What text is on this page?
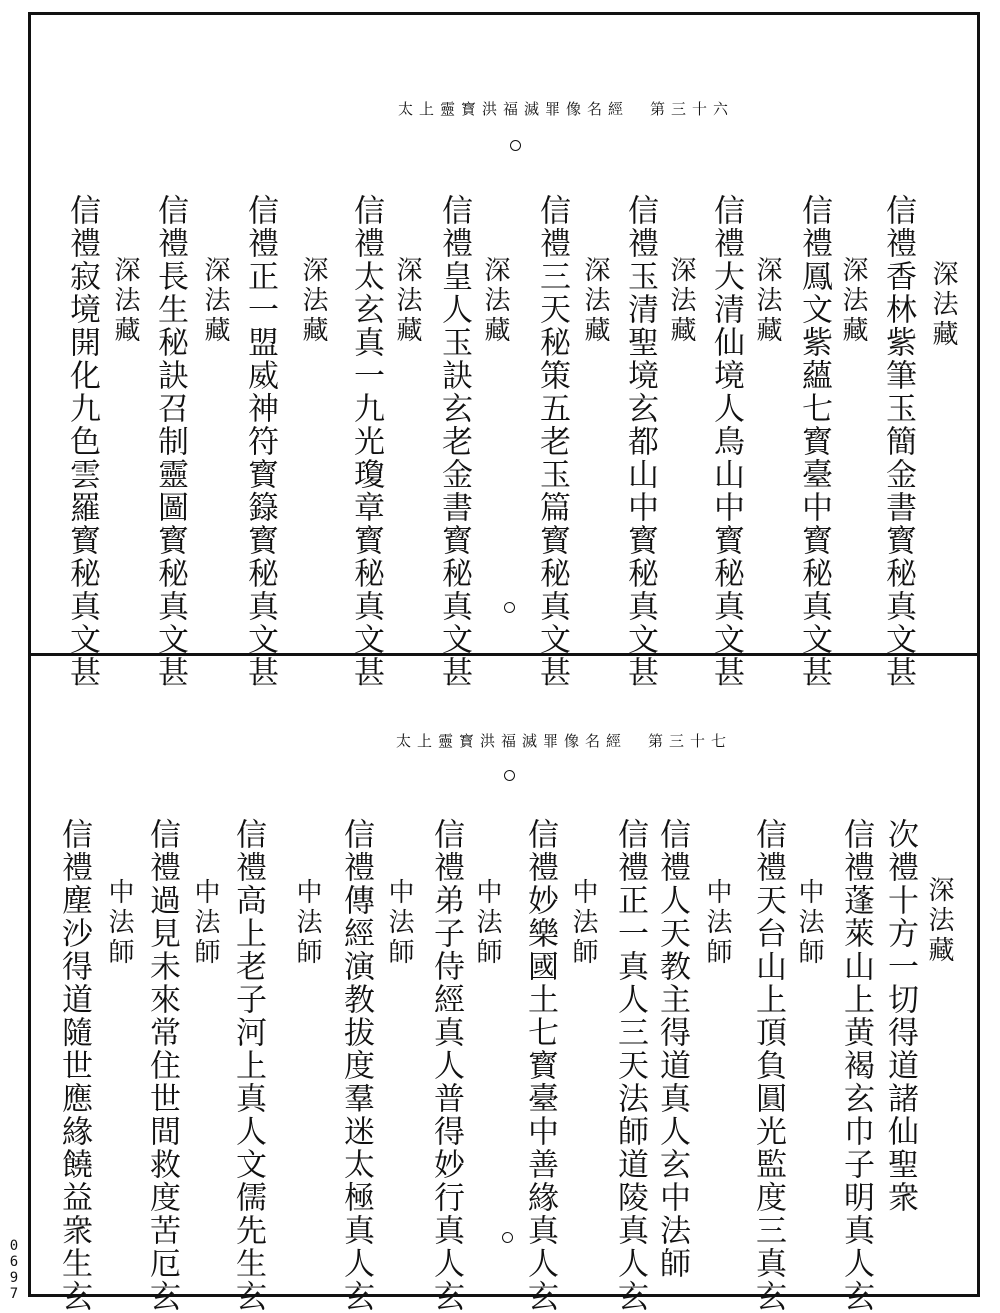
太上靈寳洪福滅罪像名經　第三十六
深法藏
信禮香林紫筆玉簡金書寳秘真文甚
深法藏
信禮鳳文紫蘊七寳臺中寳秘真文甚
深法藏
信禮大清仙境人鳥山中寳秘真文甚
深法藏
信禮玉清聖境玄都山中寳秘真文甚
深法藏
信禮三天秘策五老玉篇寳秘真文甚
深法藏
信禮皇人玉訣玄老金書寳秘真文甚
深法藏
信禮太玄真一九光瓊章寳秘真文甚
深法藏
信禮正一盟威神符寳籙寳秘真文甚
深法藏
信禮長生秘訣召制靈圖寳秘真文甚
深法藏
信禮寂境開化九色雲羅寳秘真文甚
太上靈寳洪福滅罪像名經　第三十七
深法藏
次禮十方一切得道諸仙聖衆
信禮蓬萊山上黄褐玄巾子明真人玄
中法師
信禮天台山上頂負圓光監度三真玄
中法師
信禮人天教主得道真人玄中法師
信禮正一真人三天法師道陵真人玄
中法師
信禮妙樂國土七寳臺中善緣真人玄
中法師
信禮弟子侍經真人普得妙行真人玄
中法師
信禮傳經演教拔度羣迷太極真人玄
中法師
信禮高上老子河上真人文儒先生玄
中法師
信禮過見未來常住世間救度苦厄玄
中法師
信禮塵沙得道隨世應緣饒益衆生玄
0697
